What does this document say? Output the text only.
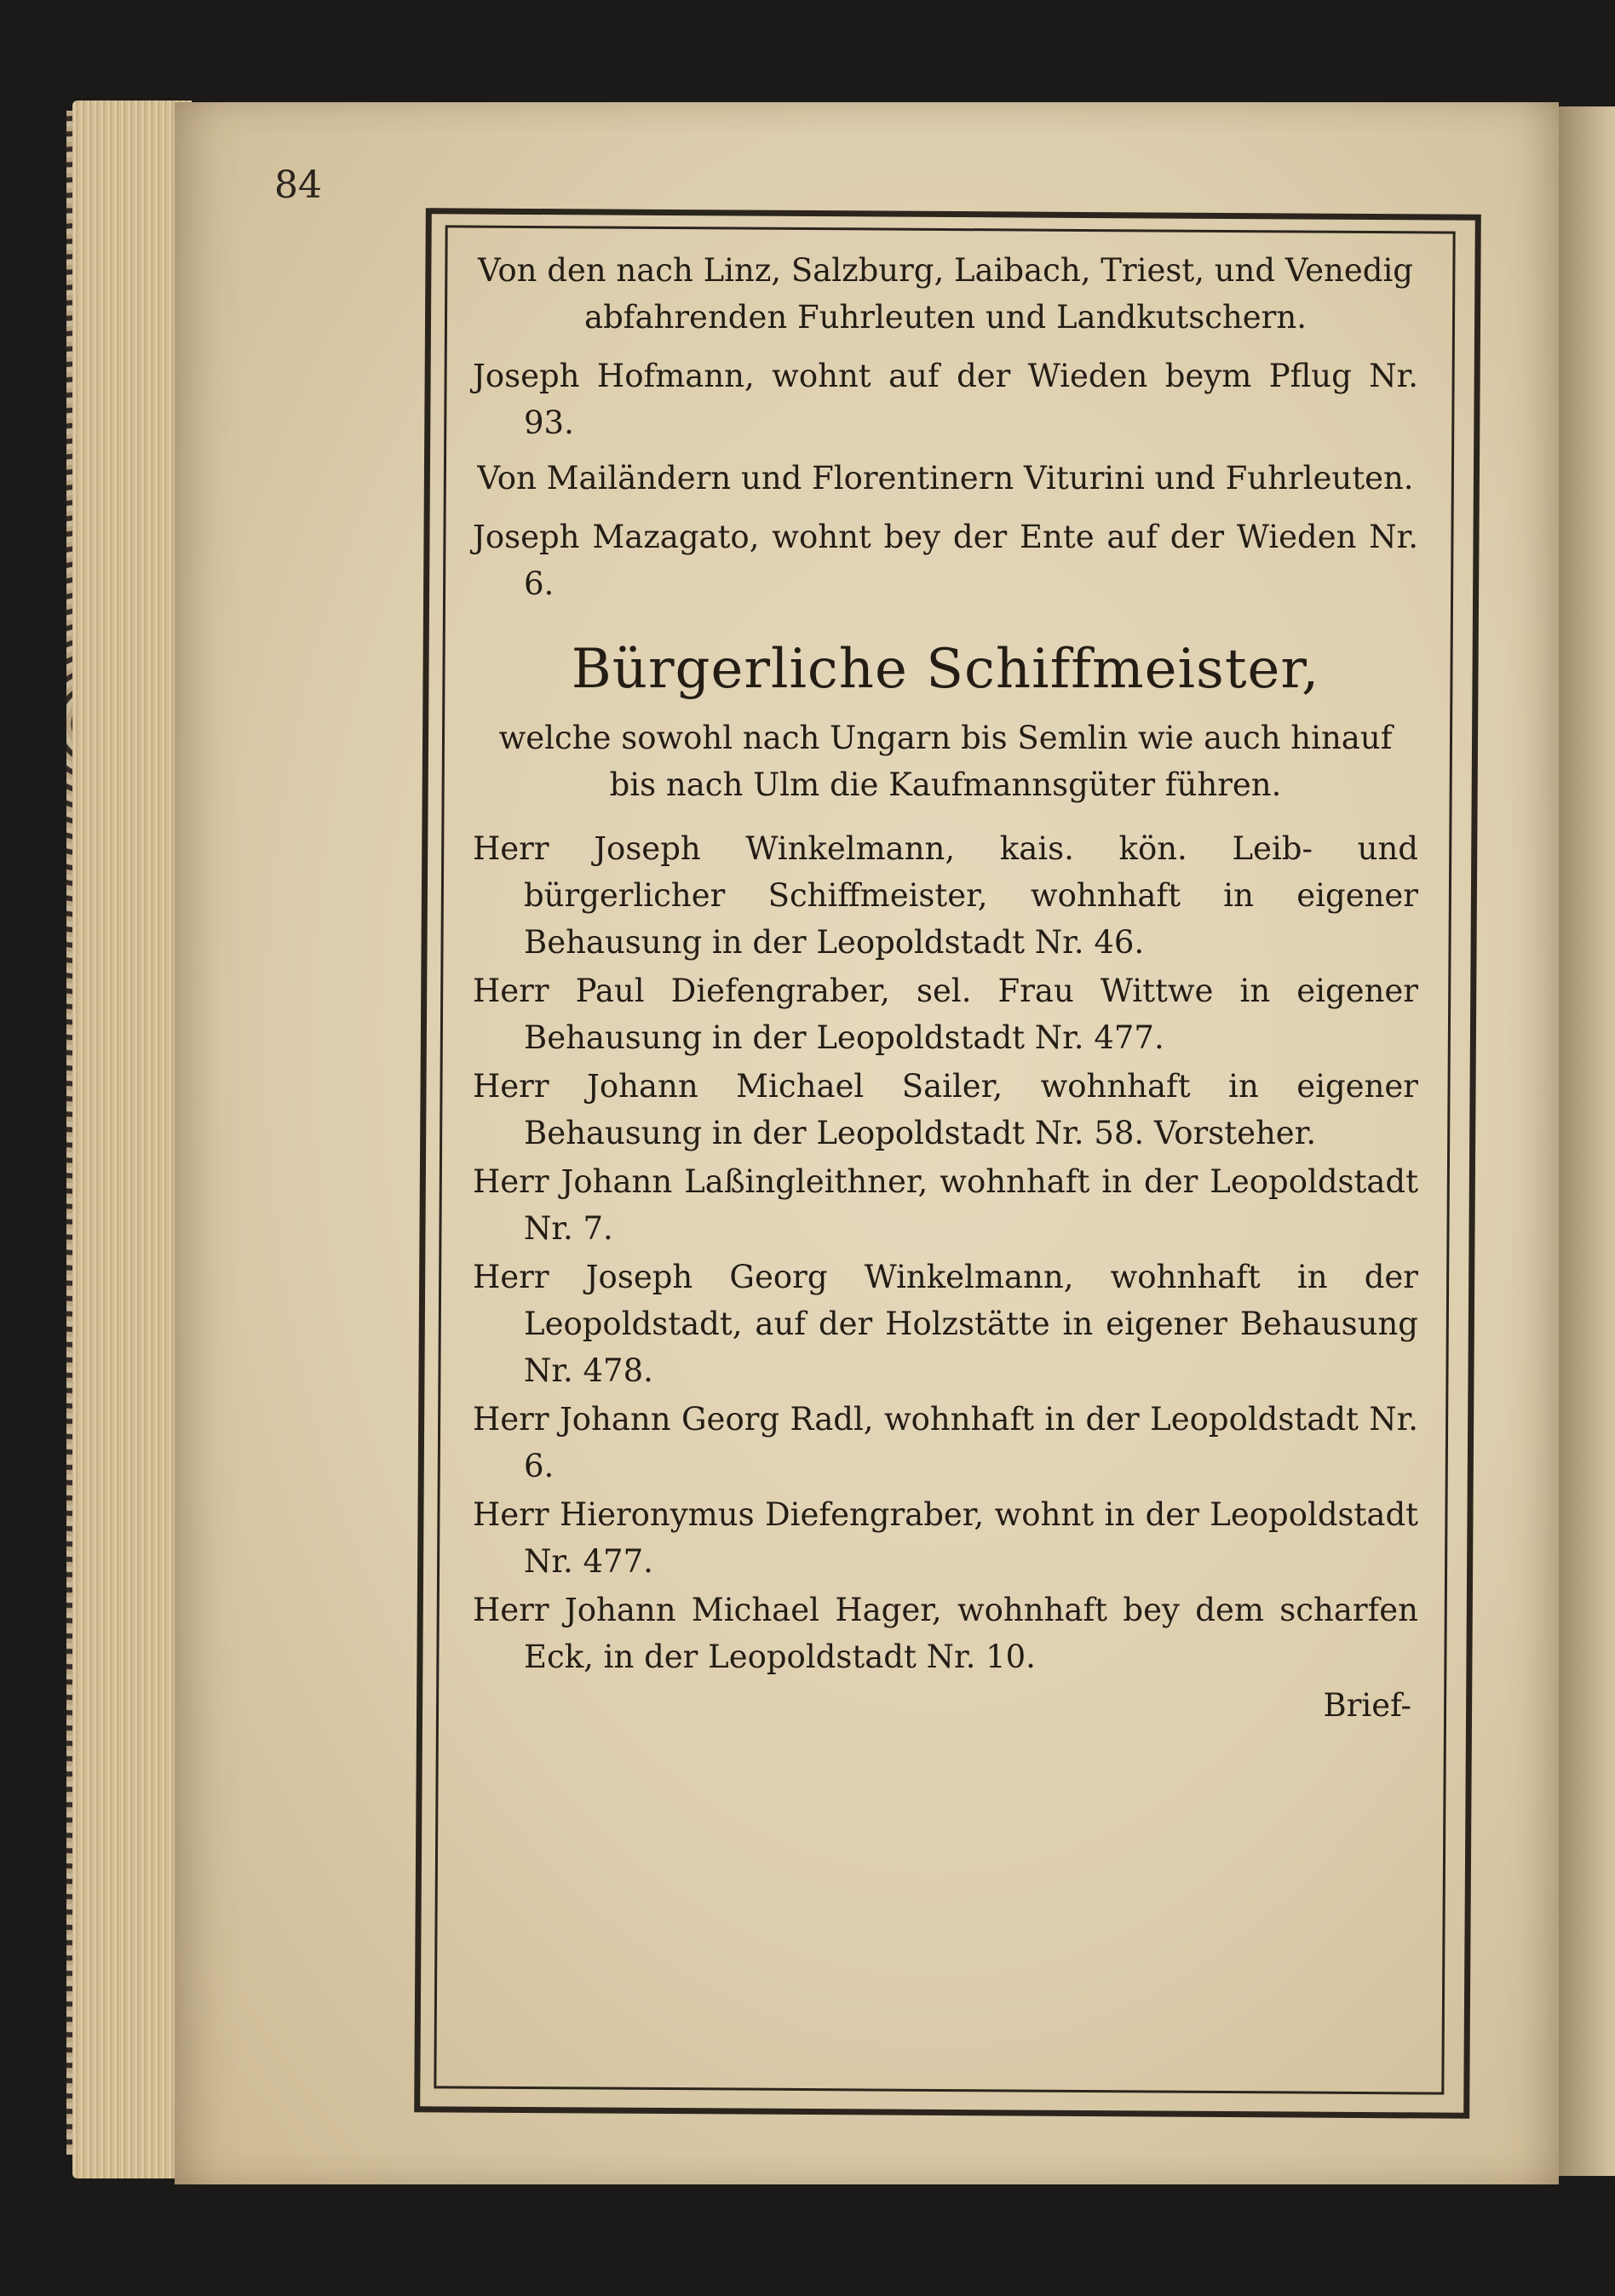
84
Von den nach Linz, Salzburg, Laibach, Triest, und Venedig abfahrenden Fuhrleuten und Landkutschern.
Joseph Hofmann, wohnt auf der Wieden beym Pflug Nr. 93.
Von Mailändern und Florentinern Viturini und Fuhrleuten.
Joseph Mazagato, wohnt bey der Ente auf der Wieden Nr. 6.
Bürgerliche Schiffmeister,
welche sowohl nach Ungarn bis Semlin wie auch hinauf bis nach Ulm die Kaufmannsgüter führen.
Herr Joseph Winkelmann, kais. kön. Leib- und bürgerlicher Schiffmeister, wohnhaft in eigener Behausung in der Leopoldstadt Nr. 46.
Herr Paul Diefengraber, sel. Frau Wittwe in eigener Behausung in der Leopoldstadt Nr. 477.
Herr Johann Michael Sailer, wohnhaft in eigener Behausung in der Leopoldstadt Nr. 58. Vorsteher.
Herr Johann Laßingleithner, wohnhaft in der Leopoldstadt Nr. 7.
Herr Joseph Georg Winkelmann, wohnhaft in der Leopoldstadt, auf der Holzstätte in eigener Behausung Nr. 478.
Herr Johann Georg Radl, wohnhaft in der Leopoldstadt Nr. 6.
Herr Hieronymus Diefengraber, wohnt in der Leopoldstadt Nr. 477.
Herr Johann Michael Hager, wohnhaft bey dem scharfen Eck, in der Leopoldstadt Nr. 10.
Brief-
